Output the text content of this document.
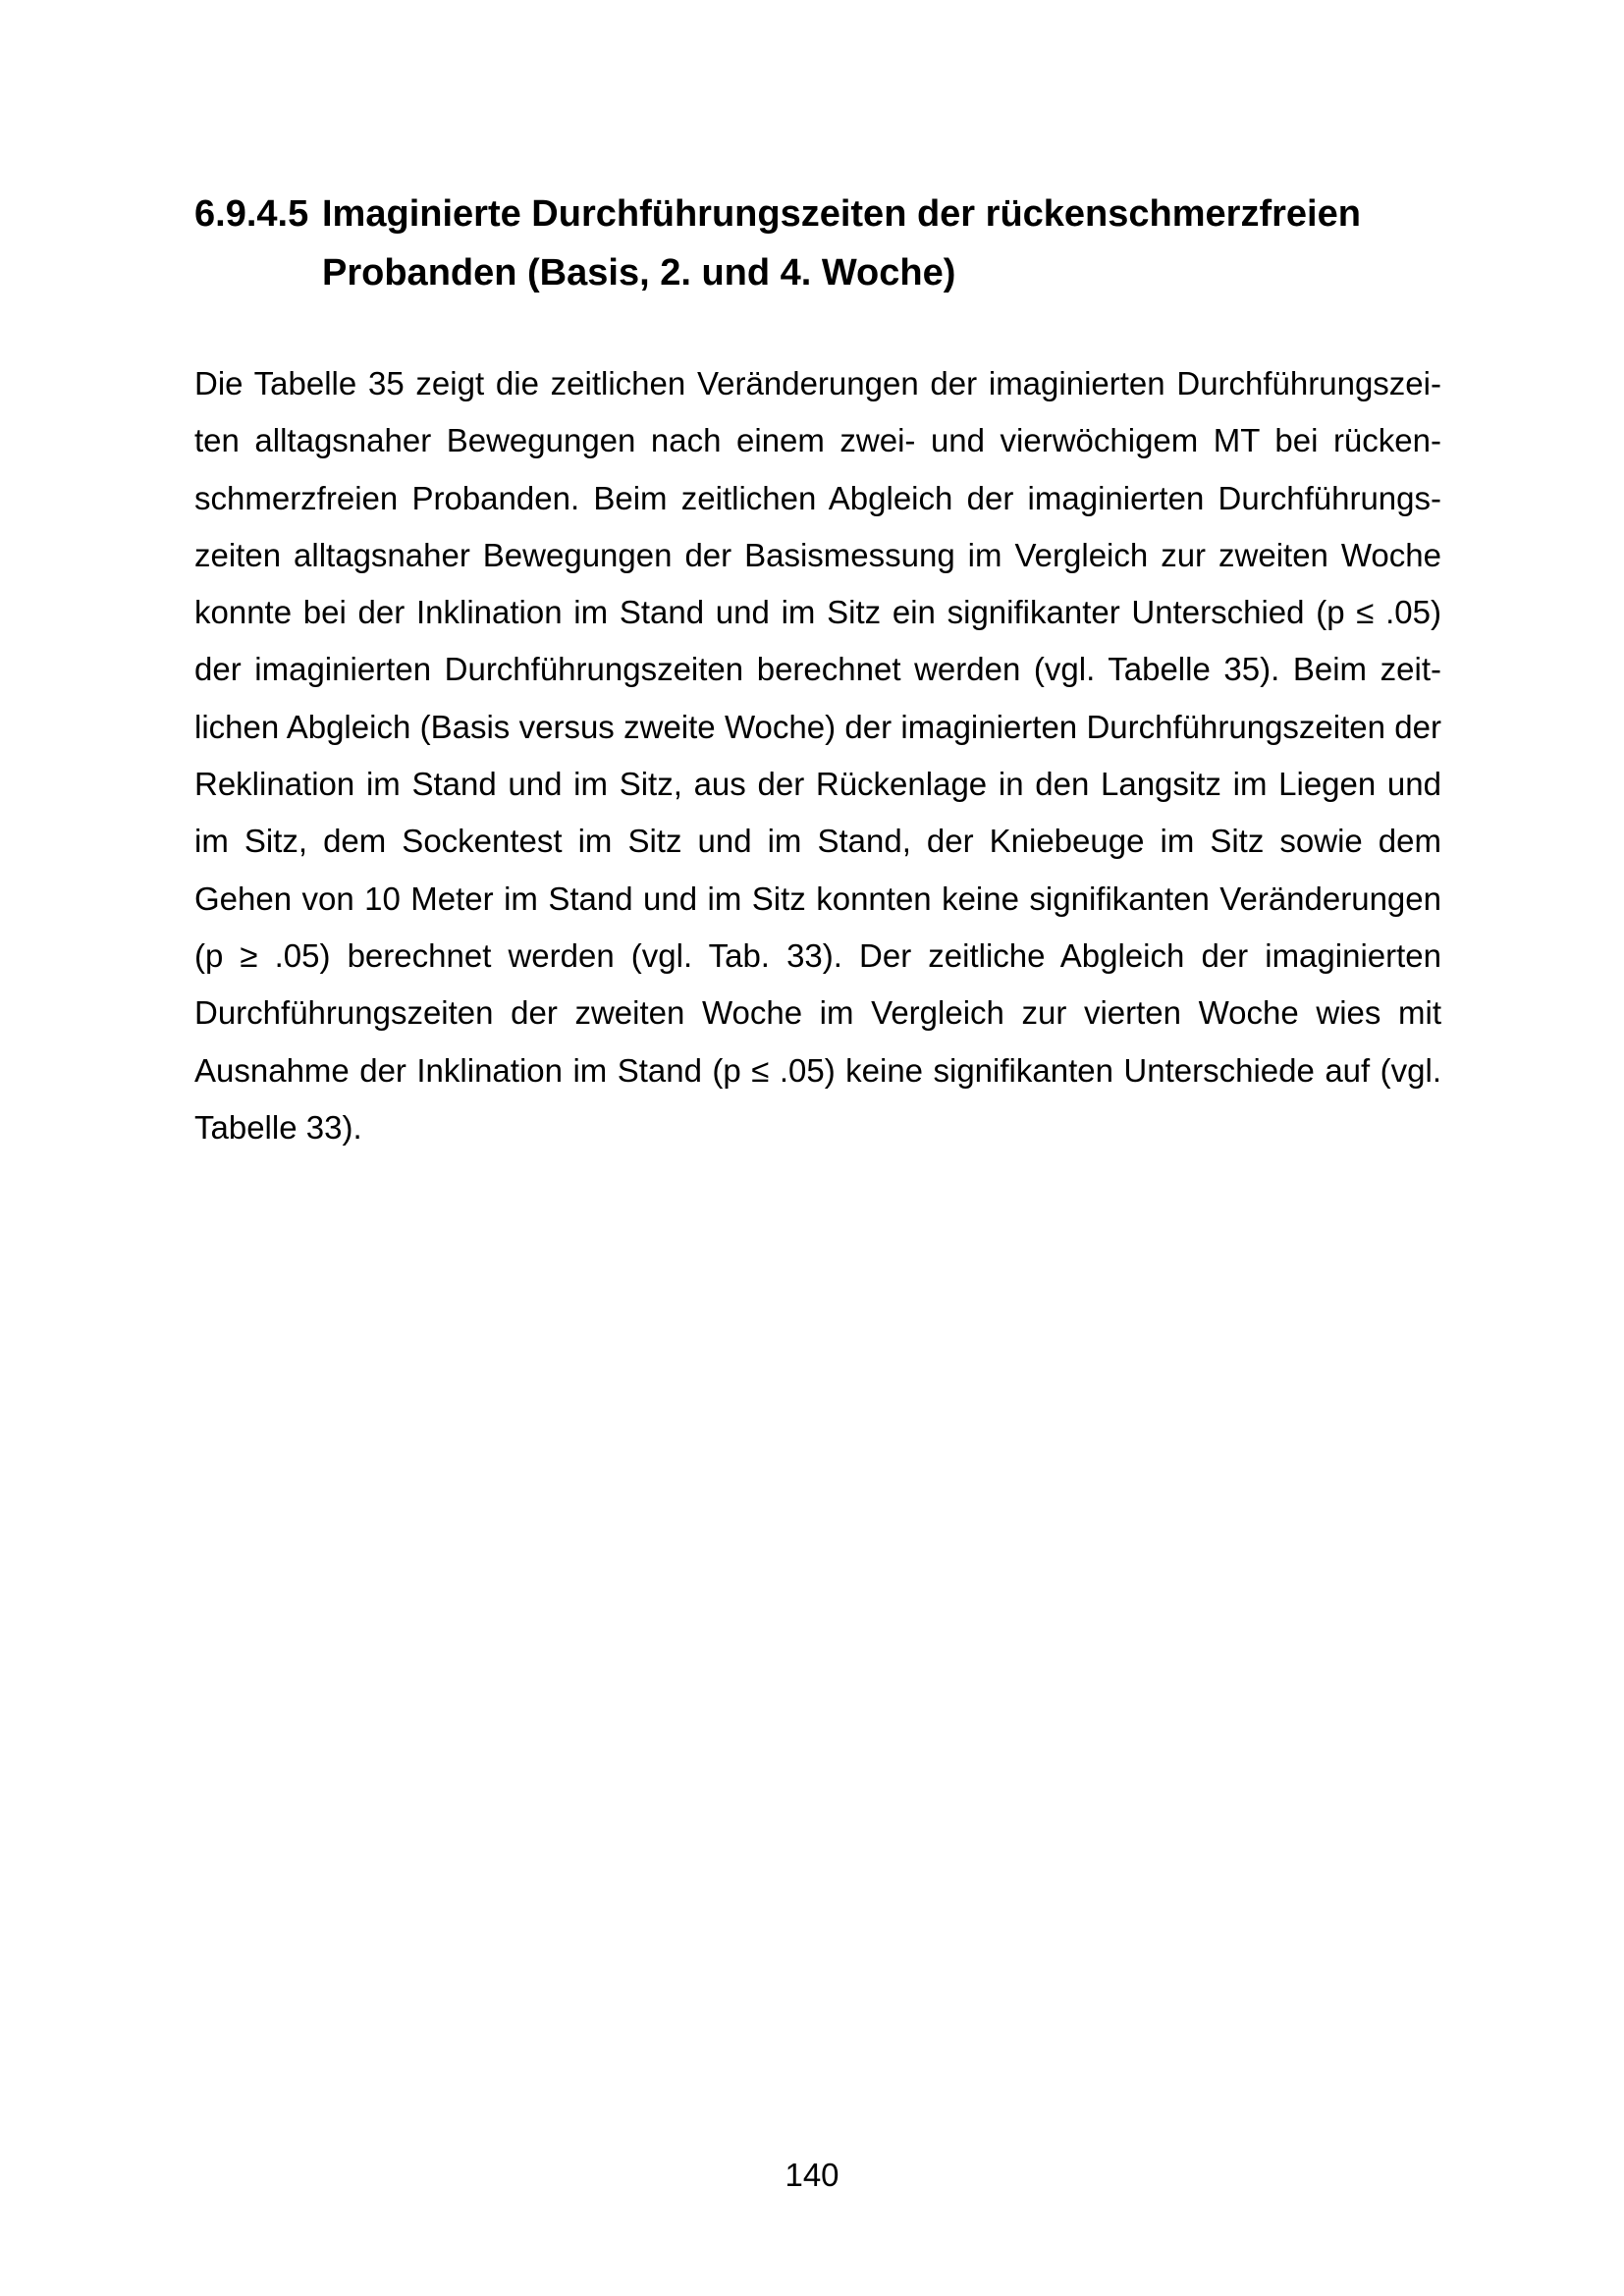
6.9.4.5 Imaginierte Durchführungszeiten der rückenschmerzfreien
Probanden (Basis, 2. und 4. Woche)

Die Tabelle 35 zeigt die zeitlichen Veränderungen der imaginierten Durchführungszeiten alltagsnaher Bewegungen nach einem zwei- und vierwöchigem MT bei rückenschmerzfreien Probanden. Beim zeitlichen Abgleich der imaginierten Durchführungszeiten alltagsnaher Bewegungen der Basismessung im Vergleich zur zweiten Woche konnte bei der Inklination im Stand und im Sitz ein signifikanter Unterschied (p ≤ .05) der imaginierten Durchführungszeiten berechnet werden (vgl. Tabelle 35). Beim zeitlichen Abgleich (Basis versus zweite Woche) der imaginierten Durchführungszeiten der Reklination im Stand und im Sitz, aus der Rückenlage in den Langsitz im Liegen und im Sitz, dem Sockentest im Sitz und im Stand, der Kniebeuge im Sitz sowie dem Gehen von 10 Meter im Stand und im Sitz konnten keine signifikanten Veränderungen (p ≥ .05) berechnet werden (vgl. Tab. 33). Der zeitliche Abgleich der imaginierten Durchführungszeiten der zweiten Woche im Vergleich zur vierten Woche wies mit Ausnahme der Inklination im Stand (p ≤ .05) keine signifikanten Unterschiede auf (vgl. Tabelle 33).

140
